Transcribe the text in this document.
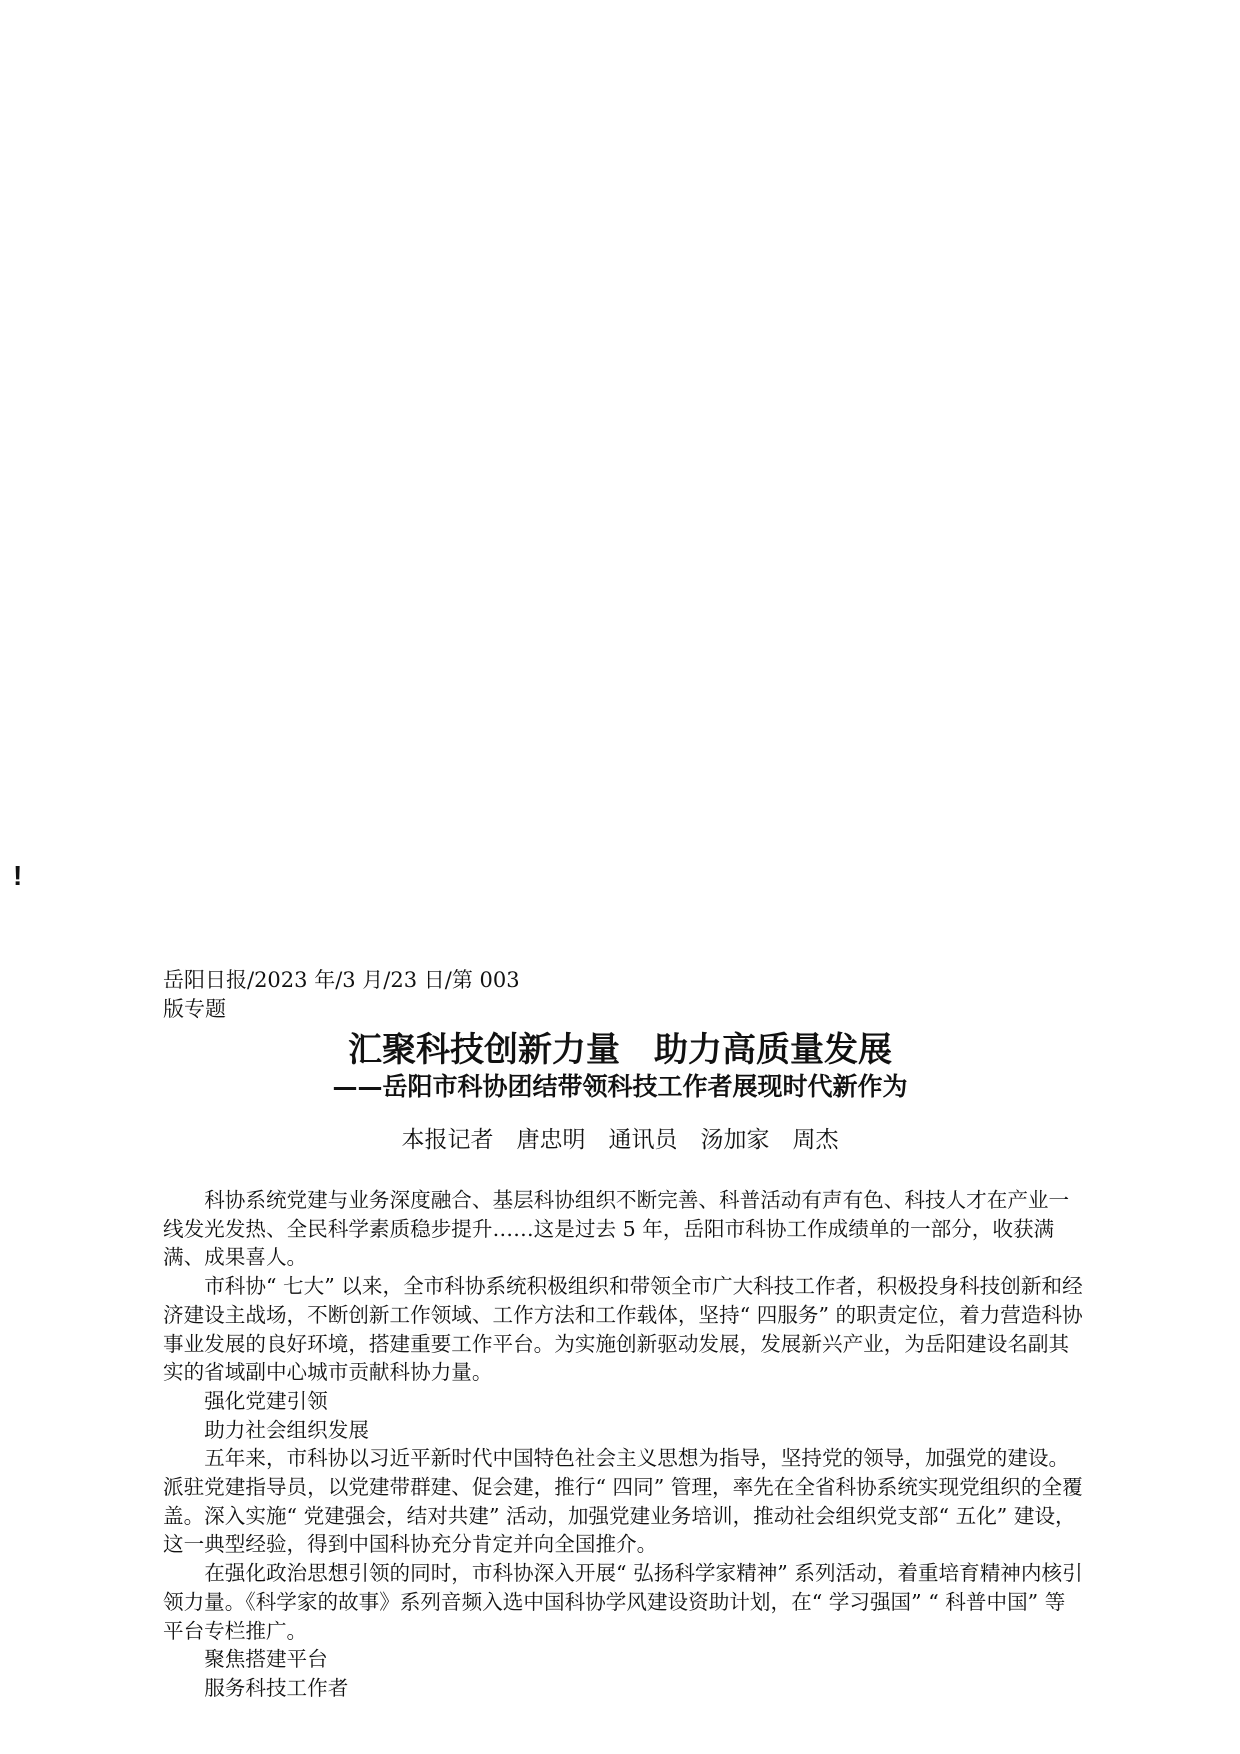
!
岳阳日报/2023 年/3 月/23 日/第 003
版专题
汇聚科技创新力量　助力高质量发展
——岳阳市科协团结带领科技工作者展现时代新作为
本报记者　唐忠明　通讯员　汤加家　周杰

科协系统党建与业务深度融合、基层科协组织不断完善、科普活动有声有色、科技人才在产业一线发光发热、全民科学素质稳步提升……这是过去 5 年，岳阳市科协工作成绩单的一部分，收获满满、成果喜人。

市科协“ 七大” 以来，全市科协系统积极组织和带领全市广大科技工作者，积极投身科技创新和经济建设主战场，不断创新工作领域、工作方法和工作载体，坚持“ 四服务” 的职责定位，着力营造科协事业发展的良好环境，搭建重要工作平台。为实施创新驱动发展，发展新兴产业，为岳阳建设名副其实的省域副中心城市贡献科协力量。

强化党建引领

助力社会组织发展

五年来，市科协以习近平新时代中国特色社会主义思想为指导，坚持党的领导，加强党的建设。派驻党建指导员，以党建带群建、促会建，推行“ 四同” 管理，率先在全省科协系统实现党组织的全覆盖。深入实施“ 党建强会，结对共建” 活动，加强党建业务培训，推动社会组织党支部“ 五化” 建设，这一典型经验，得到中国科协充分肯定并向全国推介。

在强化政治思想引领的同时，市科协深入开展“ 弘扬科学家精神” 系列活动，着重培育精神内核引领力量。《科学家的故事》系列音频入选中国科协学风建设资助计划，在“ 学习强国” “ 科普中国” 等平台专栏推广。

聚焦搭建平台

服务科技工作者
